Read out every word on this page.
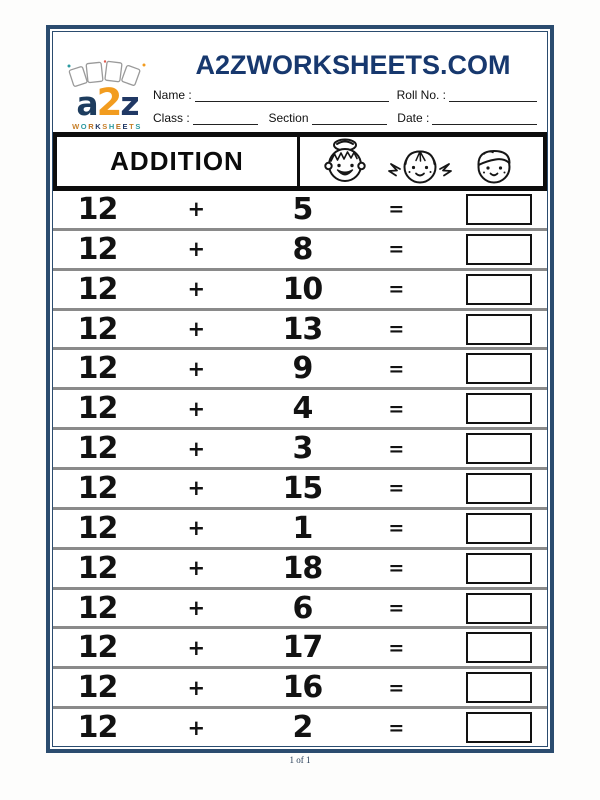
a2z
WORKSHEETS
A2ZWORKSHEETS.COM
Name :	Roll No. :
Class :	Section	Date :
ADDITION
12	+	5	=
12	+	8	=
12	+	10	=
12	+	13	=
12	+	9	=
12	+	4	=
12	+	3	=
12	+	15	=
12	+	1	=
12	+	18	=
12	+	6	=
12	+	17	=
12	+	16	=
12	+	2	=
1 of 1
